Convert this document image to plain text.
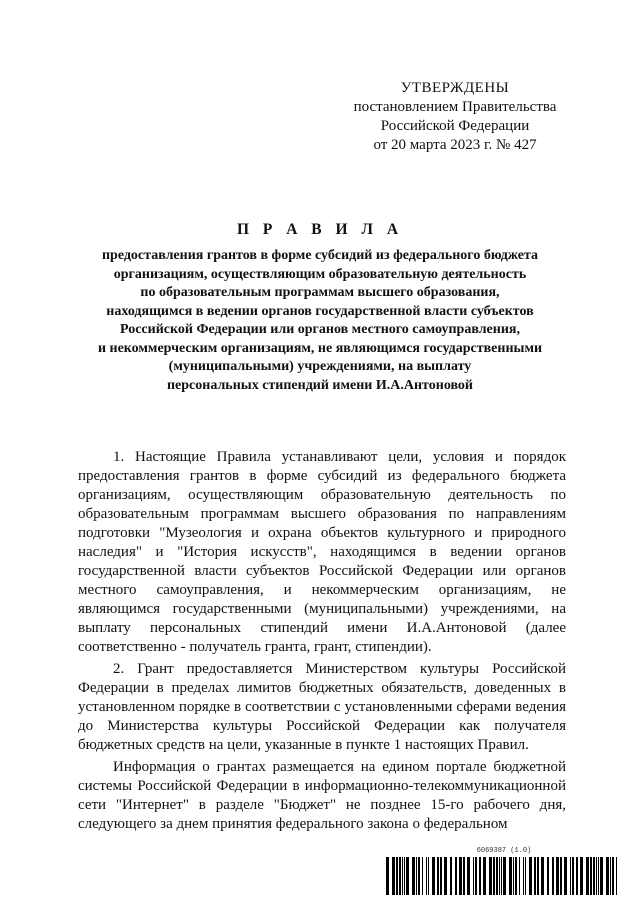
УТВЕРЖДЕНЫ
постановлением Правительства
Российской Федерации
от 20 марта 2023 г. № 427
П Р А В И Л А
предоставления грантов в форме субсидий из федерального бюджета
организациям, осуществляющим образовательную деятельность
по образовательным программам высшего образования,
находящимся в ведении органов государственной власти субъектов
Российской Федерации или органов местного самоуправления,
и некоммерческим организациям, не являющимся государственными
(муниципальными) учреждениями, на выплату
персональных стипендий имени И.А.Антоновой

1. Настоящие Правила устанавливают цели, условия и порядок предоставления грантов в форме субсидий из федерального бюджета организациям, осуществляющим образовательную деятельность по образовательным программам высшего образования по направлениям подготовки "Музеология и охрана объектов культурного и природного наследия" и "История искусств", находящимся в ведении органов государственной власти субъектов Российской Федерации или органов местного самоуправления, и некоммерческим организациям, не являющимся государственными (муниципальными) учреждениями, на выплату персональных стипендий имени И.А.Антоновой (далее соответственно - получатель гранта, грант, стипендии).

2. Грант предоставляется Министерством культуры Российской Федерации в пределах лимитов бюджетных обязательств, доведенных в установленном порядке в соответствии с установленными сферами ведения до Министерства культуры Российской Федерации как получателя бюджетных средств на цели, указанные в пункте 1 настоящих Правил.

Информация о грантах размещается на едином портале бюджетной системы Российской Федерации в информационно-телекоммуникационной сети "Интернет" в разделе "Бюджет" не позднее 15-го рабочего дня, следующего за днем принятия федерального закона о федеральном

6069387 (1.0)
